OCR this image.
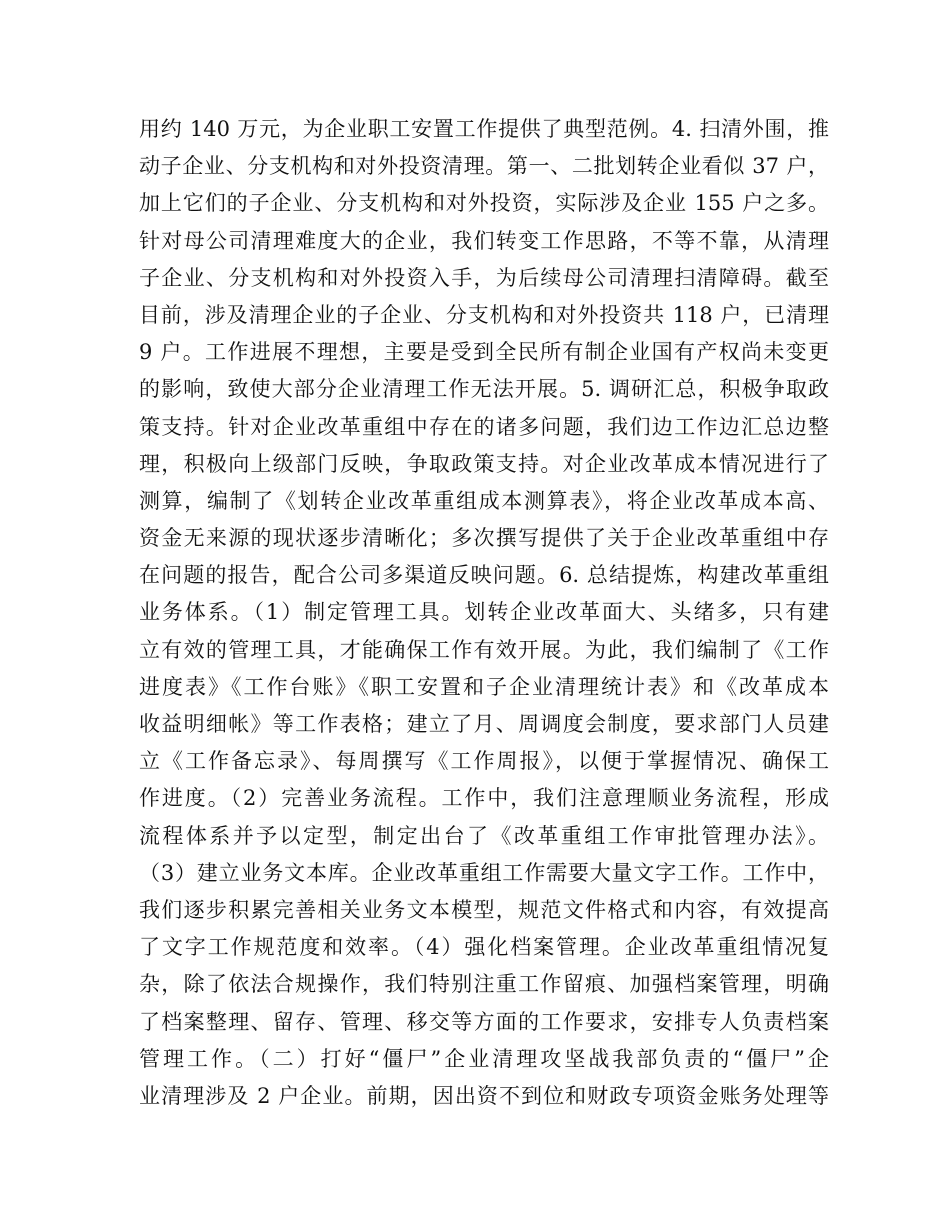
用约 140 万元，为企业职工安置工作提供了典型范例。4. 扫清外围，推
动子企业、分支机构和对外投资清理。第一、二批划转企业看似 37 户，
加上它们的子企业、分支机构和对外投资，实际涉及企业 155 户之多。
针对母公司清理难度大的企业，我们转变工作思路，不等不靠，从清理
子企业、分支机构和对外投资入手，为后续母公司清理扫清障碍。截至
目前，涉及清理企业的子企业、分支机构和对外投资共 118 户，已清理
9 户。工作进展不理想，主要是受到全民所有制企业国有产权尚未变更
的影响，致使大部分企业清理工作无法开展。5. 调研汇总，积极争取政
策支持。针对企业改革重组中存在的诸多问题，我们边工作边汇总边整
理，积极向上级部门反映，争取政策支持。对企业改革成本情况进行了
测算，编制了《划转企业改革重组成本测算表》，将企业改革成本高、
资金无来源的现状逐步清晰化；多次撰写提供了关于企业改革重组中存
在问题的报告，配合公司多渠道反映问题。6. 总结提炼，构建改革重组
业务体系。（1）制定管理工具。划转企业改革面大、头绪多，只有建
立有效的管理工具，才能确保工作有效开展。为此，我们编制了《工作
进度表》《工作台账》《职工安置和子企业清理统计表》和《改革成本
收益明细帐》等工作表格；建立了月、周调度会制度，要求部门人员建
立《工作备忘录》、每周撰写《工作周报》，以便于掌握情况、确保工
作进度。（2）完善业务流程。工作中，我们注意理顺业务流程，形成
流程体系并予以定型，制定出台了《改革重组工作审批管理办法》。
（3）建立业务文本库。企业改革重组工作需要大量文字工作。工作中，
我们逐步积累完善相关业务文本模型，规范文件格式和内容，有效提高
了文字工作规范度和效率。（4）强化档案管理。企业改革重组情况复
杂，除了依法合规操作，我们特别注重工作留痕、加强档案管理，明确
了档案整理、留存、管理、移交等方面的工作要求，安排专人负责档案
管理工作。（二）打好“僵尸”企业清理攻坚战我部负责的“僵尸”企
业清理涉及 2 户企业。前期，因出资不到位和财政专项资金账务处理等
